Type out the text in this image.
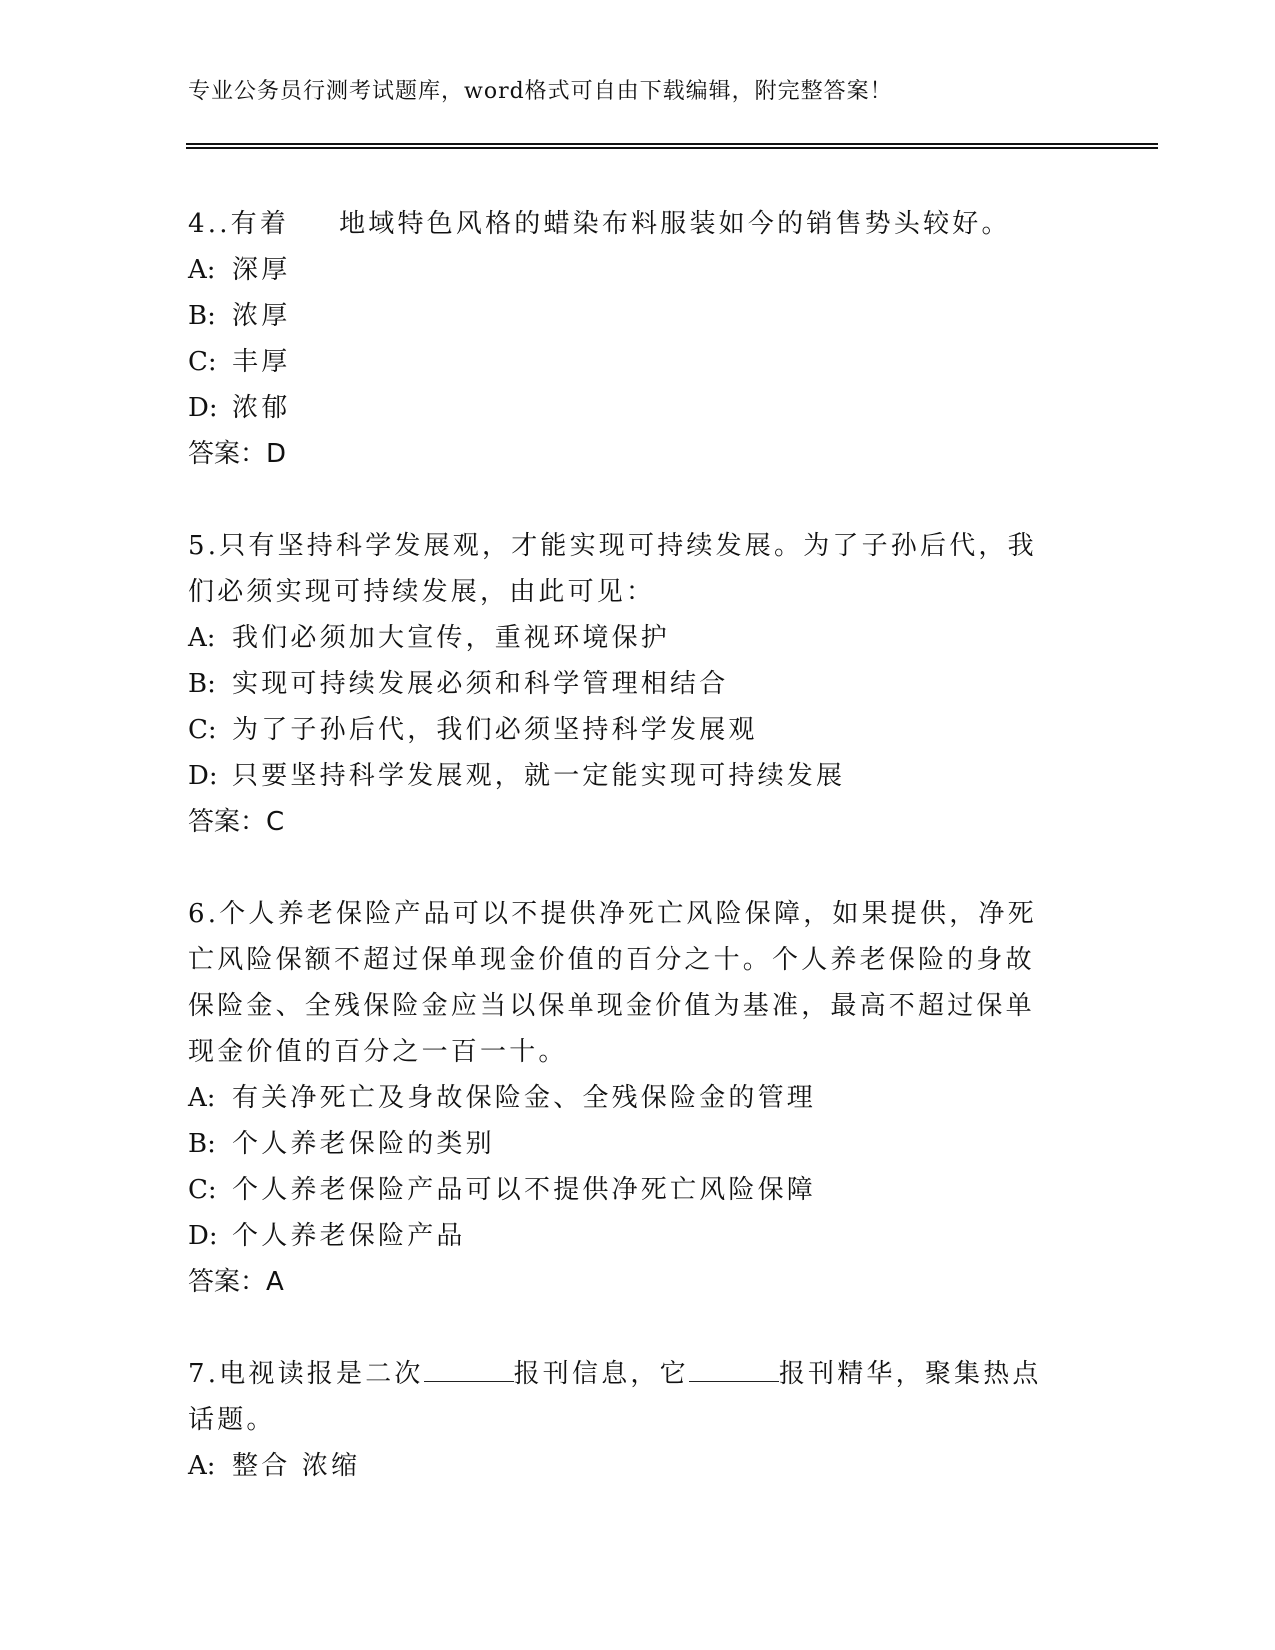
专业公务员行测考试题库，word格式可自由下载编辑，附完整答案！

4..有着 地域特色风格的蜡染布料服装如今的销售势头较好。

A: 深厚

B: 浓厚

C: 丰厚

D: 浓郁

答案：D

5.只有坚持科学发展观，才能实现可持续发展。为了子孙后代，我们必须实现可持续发展，由此可见：

A: 我们必须加大宣传，重视环境保护

B: 实现可持续发展必须和科学管理相结合

C: 为了子孙后代，我们必须坚持科学发展观

D: 只要坚持科学发展观，就一定能实现可持续发展

答案：C

6.个人养老保险产品可以不提供净死亡风险保障，如果提供，净死亡风险保额不超过保单现金价值的百分之十。个人养老保险的身故保险金、全残保险金应当以保单现金价值为基准，最高不超过保单现金价值的百分之一百一十。

A: 有关净死亡及身故保险金、全残保险金的管理

B: 个人养老保险的类别

C: 个人养老保险产品可以不提供净死亡风险保障

D: 个人养老保险产品

答案：A

7.电视读报是二次	报刊信息，它	报刊精华，聚集热点话题。

A: 整合 浓缩
